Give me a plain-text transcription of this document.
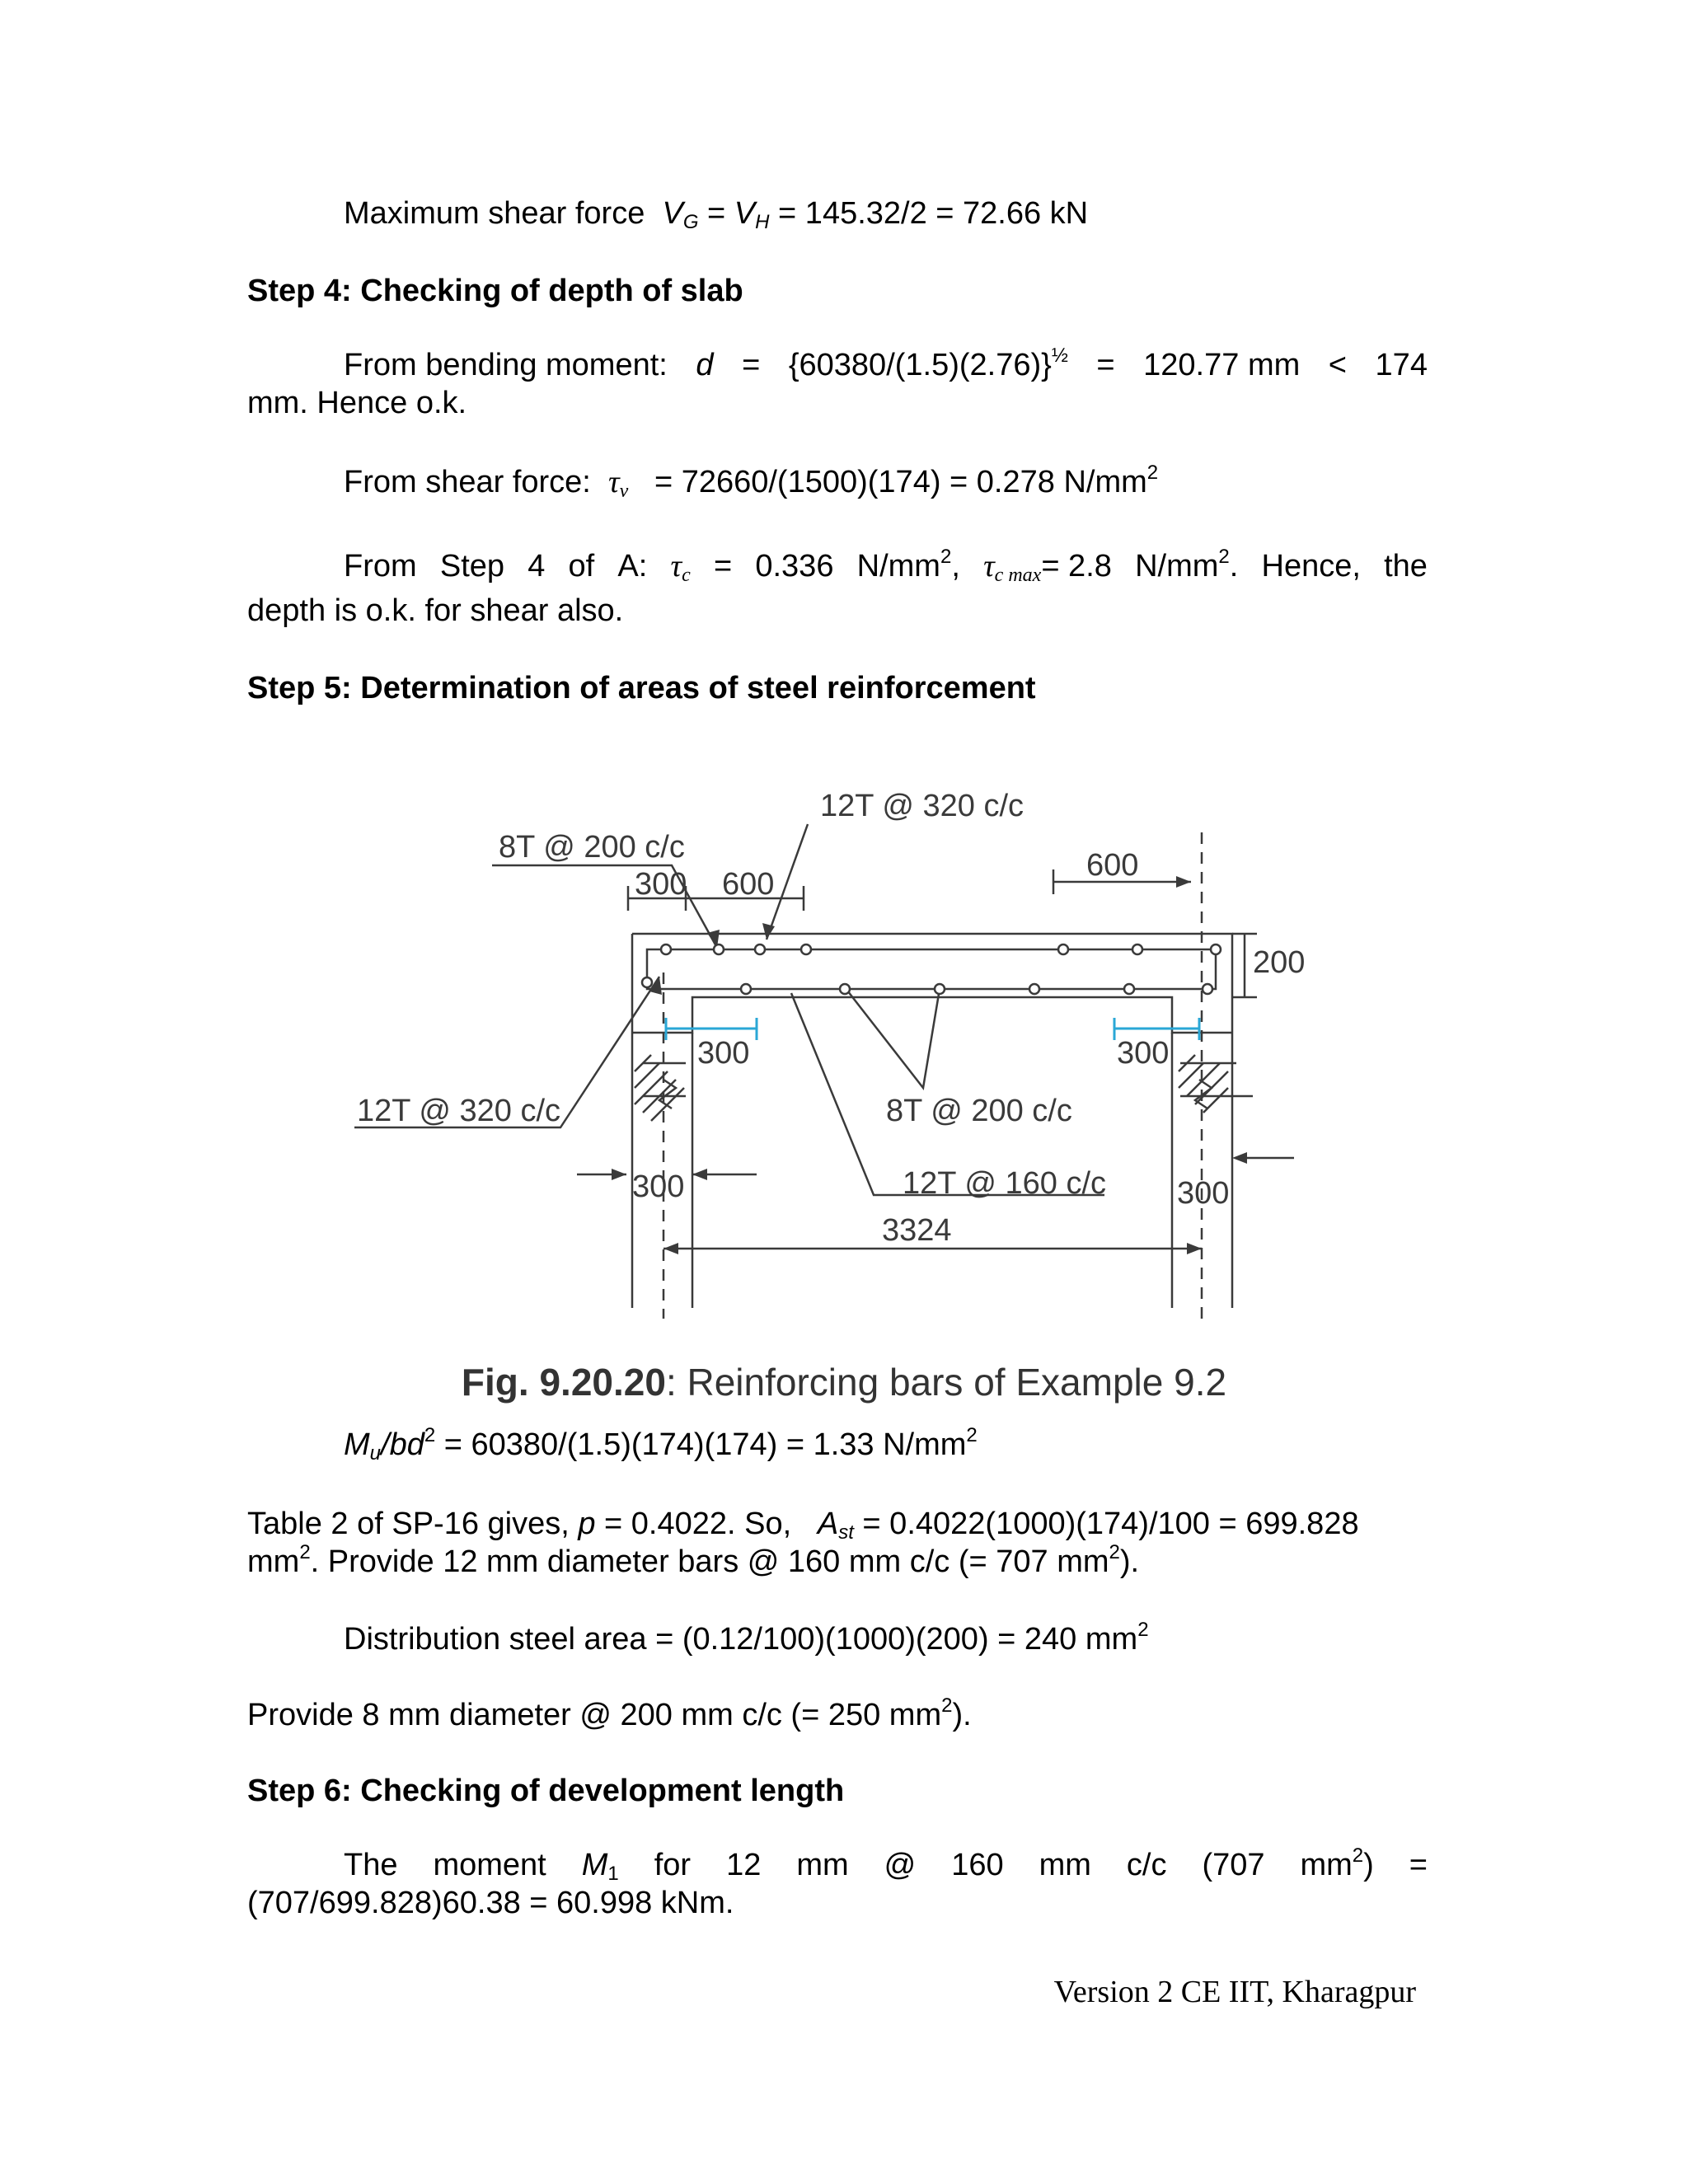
Maximum shear force $V_G = V_H = 145.32/2 = 72.66$ kN
Step 4: Checking of depth of slab
From bending moment: $d = \{60380/(1.5)(2.76)\}^{\frac{1}{2}} = 120.77$ mm < 174
mm. Hence o.k.
From shear force: $\tau_v = 72660/(1500)(174) = 0.278$ $N/mm^2$
From Step 4 of A: $\tau_c = 0.336$ $N/mm^2$, $\tau_{c max}= 2.8$ $N/mm^2$. Hence, the
depth is o.k. for shear also.
Step 5: Determination of areas of steel reinforcement
12T @ 320 c/c
8T @ 200 c/c
300 600
600
200
300	300
12T @ 320 c/c	8T @ 200 c/c
12T @ 160 c/c
300	300
3324
Fig. 9.20.20: Reinforcing bars of Example 9.2
$M_u/bd^2 = 60380/(1.5)(174)(174) = 1.33$ $N/mm^2$
Table 2 of SP-16 gives, p = 0.4022. So,   $A_{st} = 0.4022(1000)(174)/100 = 699.828$
$mm^2$. Provide 12 mm diameter bars @ 160 mm c/c (= 707 $mm^2$).
Distribution steel area = (0.12/100)(1000)(200) = 240 $mm^2$
Provide 8 mm diameter @ 200 mm c/c (= 250 $mm^2$).
Step 6: Checking of development length
The moment $M_1$ for 12 mm @ 160 mm c/c (707 $mm^2$) =
(707/699.828)60.38 = 60.998 kNm.
Version 2 CE IIT, Kharagpur
